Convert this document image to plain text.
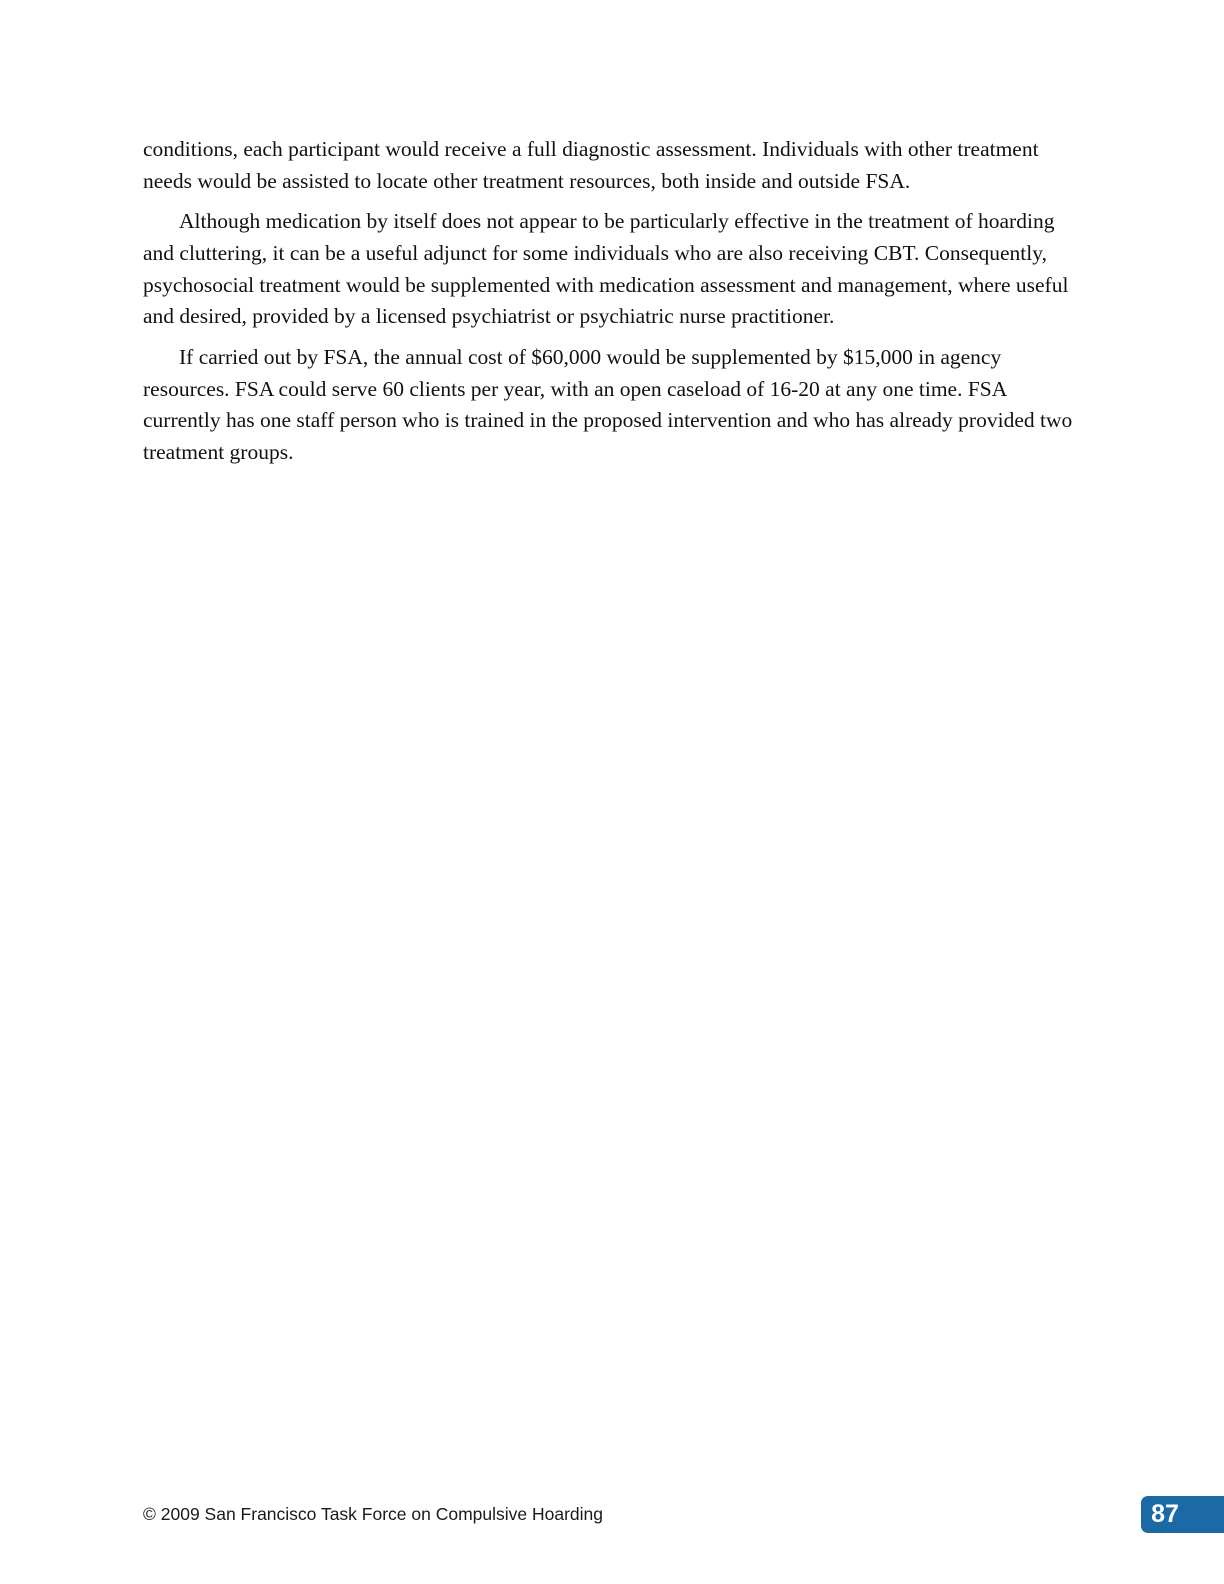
conditions, each participant would receive a full diagnostic assessment. Individuals with other treatment needs would be assisted to locate other treatment resources, both inside and outside FSA.

Although medication by itself does not appear to be particularly effective in the treatment of hoarding and cluttering, it can be a useful adjunct for some individuals who are also receiving CBT. Consequently, psychosocial treatment would be supplemented with medication assessment and management, where useful and desired, provided by a licensed psychiatrist or psychiatric nurse practitioner.

If carried out by FSA, the annual cost of $60,000 would be supplemented by $15,000 in agency resources. FSA could serve 60 clients per year, with an open caseload of 16-20 at any one time. FSA currently has one staff person who is trained in the proposed intervention and who has already provided two treatment groups.

© 2009 San Francisco Task Force on Compulsive Hoarding	87
